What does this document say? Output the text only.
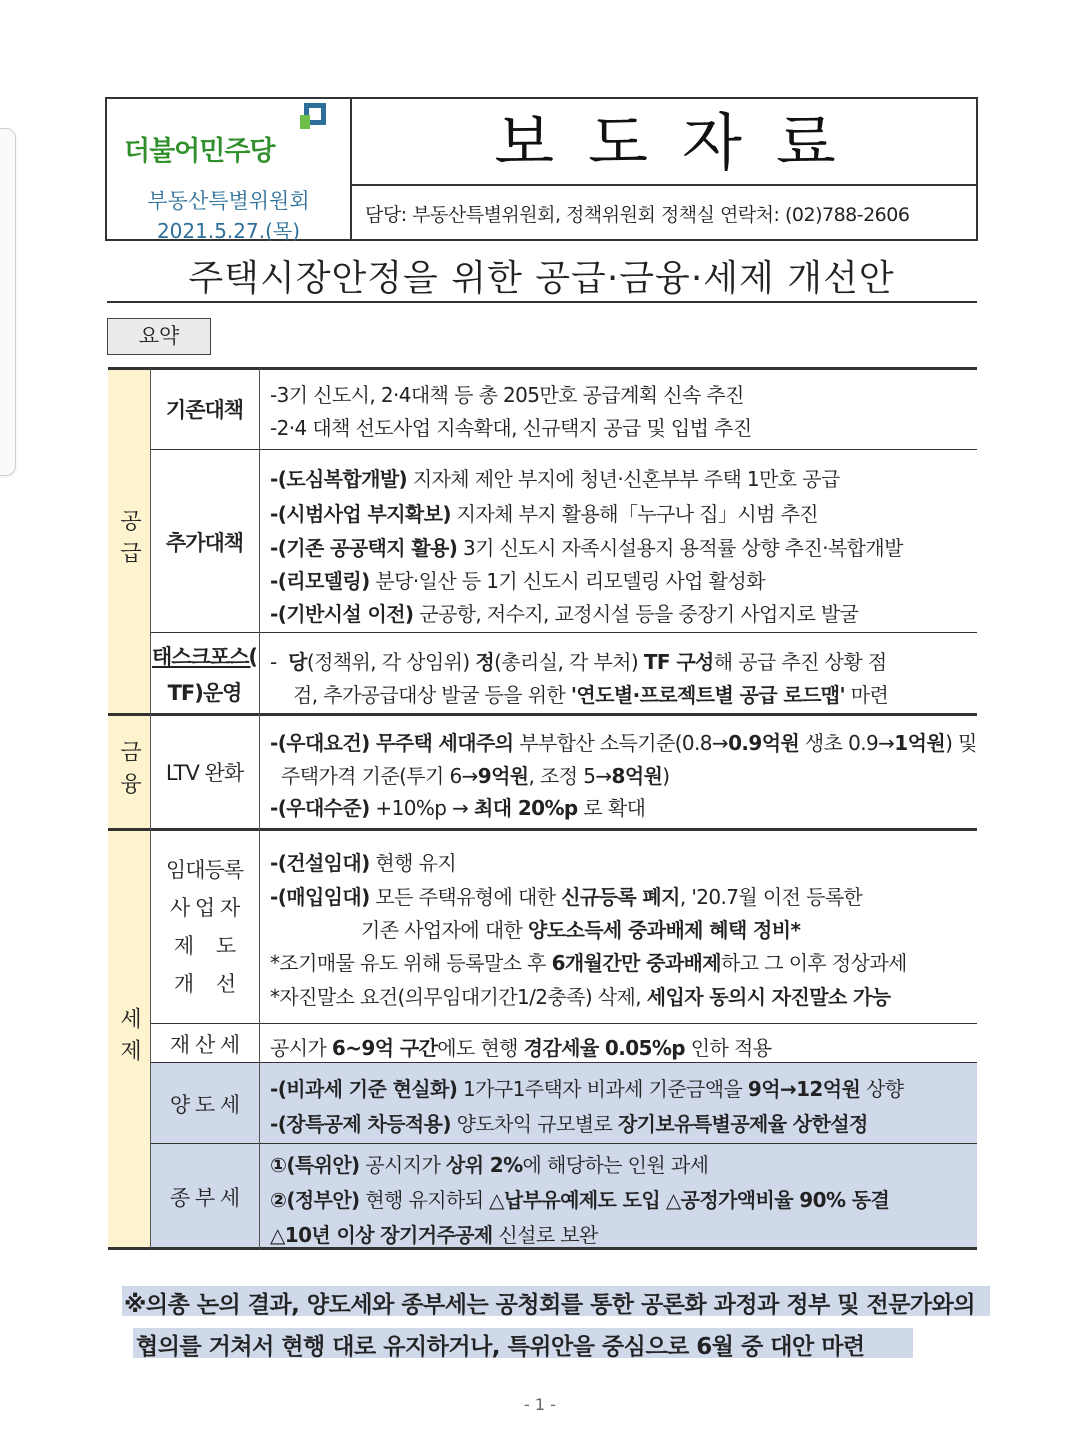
더불어민주당
부동산특별위원회
2021.5.27.(목)
보도자료
담당: 부동산특별위원회, 정책위원회 정책실 연락처: (02)788-2606
주택시장안정을 위한 공급·금융·세제 개선안
요약
공급
금융
세제
기존대책
추가대책
태스크포스(
TF)운영
LTV 완화
임대등록
사 업 자
제    도
개    선
재 산 세
양 도 세
종 부 세
-3기 신도시, 2·4대책 등 총 205만호 공급계획 신속 추진
-2·4 대책 선도사업 지속확대, 신규택지 공급 및 입법 추진
-(도심복합개발) 지자체 제안 부지에 청년·신혼부부 주택 1만호 공급
-(시범사업 부지확보) 지자체 부지 활용해「누구나 집」시범 추진
-(기존 공공택지 활용) 3기 신도시 자족시설용지 용적률 상향 추진·복합개발
-(리모델링) 분당·일산 등 1기 신도시 리모델링 사업 활성화
-(기반시설 이전) 군공항, 저수지, 교정시설 등을 중장기 사업지로 발굴
-  당(정책위, 각 상임위) 정(총리실, 각 부처) TF 구성해 공급 추진 상황 점
검, 추가공급대상 발굴 등을 위한 '연도별·프로젝트별 공급 로드맵' 마련
-(우대요건) 무주택 세대주의 부부합산 소득기준(0.8→0.9억원 생초 0.9→1억원) 및
주택가격 기준(투기 6→9억원, 조정 5→8억원)
-(우대수준) +10%p → 최대 20%p 로 확대
-(건설임대) 현행 유지
-(매입임대) 모든 주택유형에 대한 신규등록 폐지, '20.7월 이전 등록한
기존 사업자에 대한 양도소득세 중과배제 혜택 정비*
*조기매물 유도 위해 등록말소 후 6개월간만 중과배제하고 그 이후 정상과세
*자진말소 요건(의무임대기간1/2충족) 삭제, 세입자 동의시 자진말소 가능
공시가 6~9억 구간에도 현행 경감세율 0.05%p 인하 적용
-(비과세 기준 현실화) 1가구1주택자 비과세 기준금액을 9억→12억원 상향
-(장특공제 차등적용) 양도차익 규모별로 장기보유특별공제율 상한설정
①(특위안) 공시지가 상위 2%에 해당하는 인원 과세
②(정부안) 현행 유지하되 △납부유예제도 도입 △공정가액비율 90% 동결
△10년 이상 장기거주공제 신설로 보완
※의총 논의 결과, 양도세와 종부세는 공청회를 통한 공론화 과정과 정부 및 전문가와의
협의를 거쳐서 현행 대로 유지하거나, 특위안을 중심으로 6월 중 대안 마련
- 1 -
